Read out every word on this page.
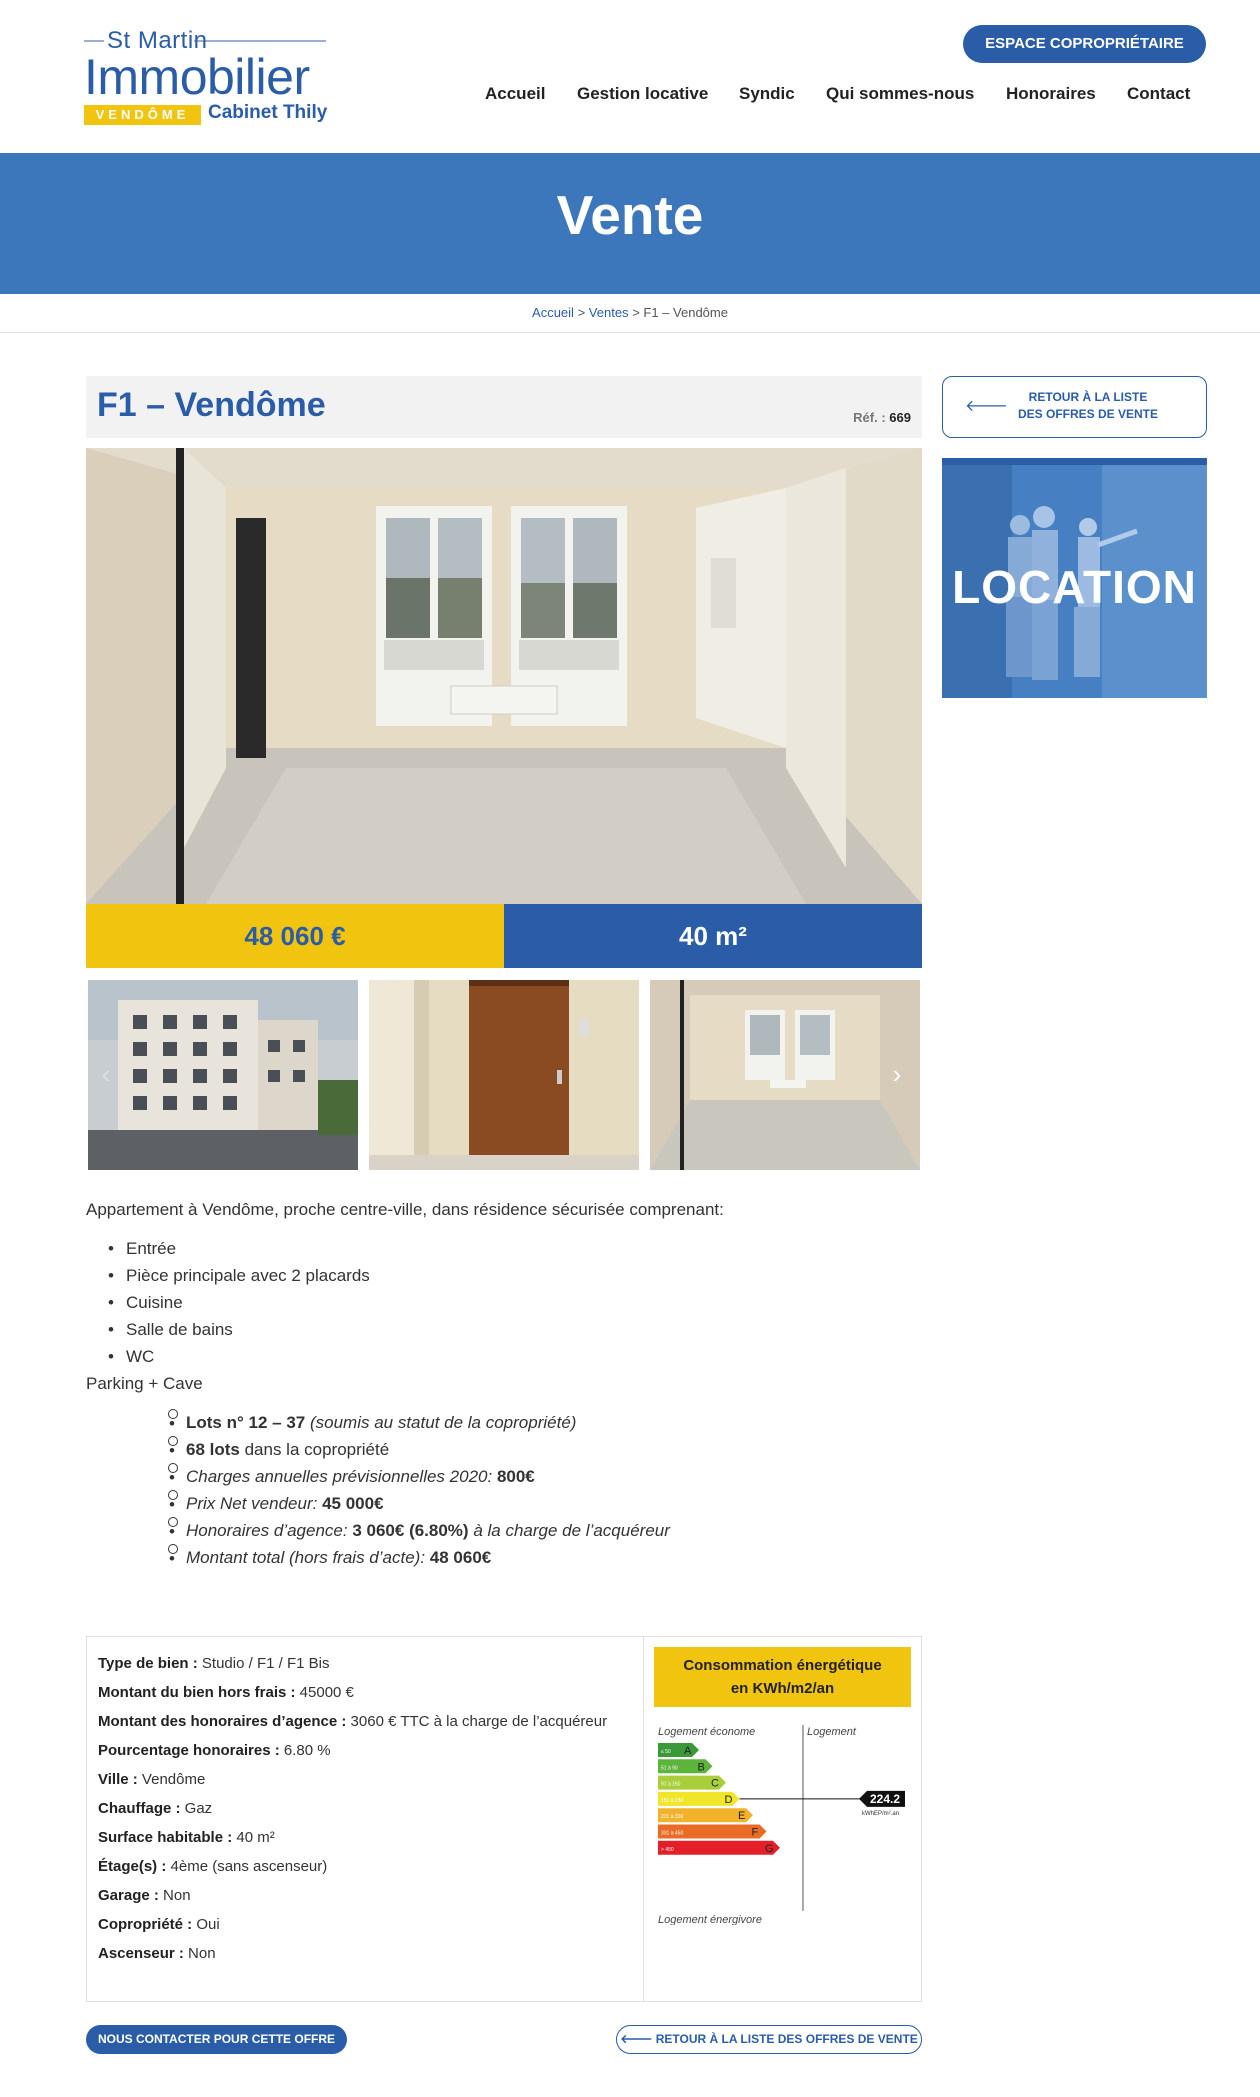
St Martin
Immobilier
VENDÔME Cabinet Thily
ESPACE COPROPRIÉTAIRE
Accueil Gestion locative Syndic Qui sommes-nous Honoraires Contact
Vente
Accueil > Ventes > F1 – Vendôme
F1 – Vendôme	Réf. : 669
48 060 €	40 m²
‹	›
Appartement à Vendôme, proche centre-ville, dans résidence sécurisée comprenant:
• Entrée
• Pièce principale avec 2 placards
• Cuisine
• Salle de bains
• WC
Parking + Cave
• Lots n° 12 – 37 (soumis au statut de la copropriété)
• 68 lots dans la copropriété
• Charges annuelles prévisionnelles 2020: 800€
• Prix Net vendeur: 45 000€
• Honoraires d’agence: 3 060€ (6.80%) à la charge de l’acquéreur
• Montant total (hors frais d’acte): 48 060€
Type de bien : Studio / F1 / F1 Bis
Montant du bien hors frais : 45000 €
Montant des honoraires d’agence : 3060 € TTC à la charge de l’acquéreur
Pourcentage honoraires : 6.80 %
Ville : Vendôme
Chauffage : Gaz
Surface habitable : 40 m²
Étage(s) : 4ème (sans ascenseur)
Garage : Non
Copropriété : Oui
Ascenseur : Non
Consommation énergétique
en KWh/m2/an
Logement économe	Logement
≤ 50 A
51 à 90 B
91 à 150	C
151 à 230	D
231 à 330	E
331 à 450	F
> 450	G
224.2
kWhEP/m².an
Logement énergivore
NOUS CONTACTER POUR CETTE OFFRE	🡐 RETOUR À LA LISTE DES OFFRES DE VENTE
🡐
RETOUR À LA LISTE
DES OFFRES DE VENTE
LOCATION
